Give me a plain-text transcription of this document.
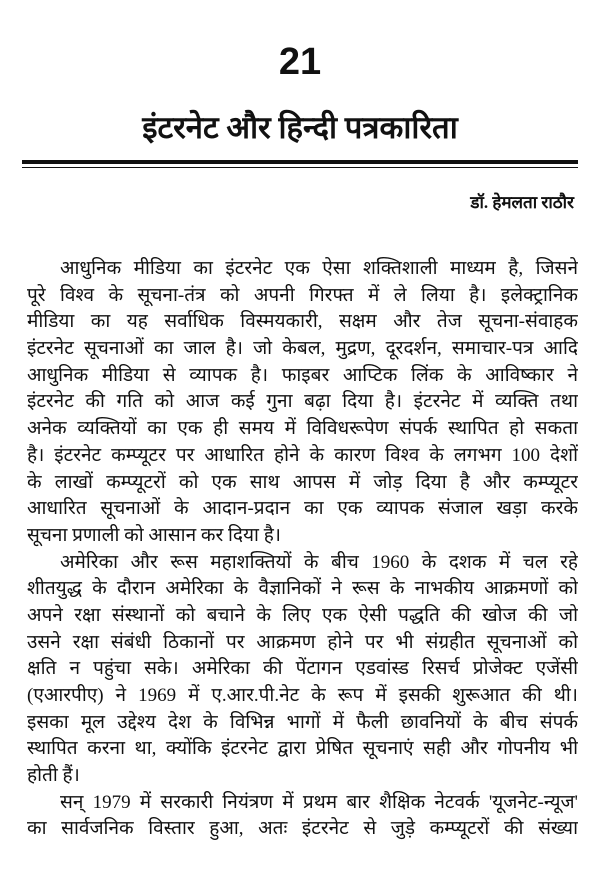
21
इंटरनेट और हिन्दी पत्रकारिता
डॉ. हेमलता राठौर
आधुनिक मीडिया का इंटरनेट एक ऐसा शक्तिशाली माध्यम है, जिसने
पूरे विश्व के सूचना-तंत्र को अपनी गिरफ्त में ले लिया है। इलेक्ट्रानिक
मीडिया का यह सर्वाधिक विस्मयकारी, सक्षम और तेज सूचना-संवाहक
इंटरनेट सूचनाओं का जाल है। जो केबल, मुद्रण, दूरदर्शन, समाचार-पत्र आदि
आधुनिक मीडिया से व्यापक है। फाइबर आप्टिक लिंक के आविष्कार ने
इंटरनेट की गति को आज कई गुना बढ़ा दिया है। इंटरनेट में व्यक्ति तथा
अनेक व्यक्तियों का एक ही समय में विविधरूपेण संपर्क स्थापित हो सकता
है। इंटरनेट कम्प्यूटर पर आधारित होने के कारण विश्व के लगभग 100 देशों
के लाखों कम्प्यूटरों को एक साथ आपस में जोड़ दिया है और कम्प्यूटर
आधारित सूचनाओं के आदान-प्रदान का एक व्यापक संजाल खड़ा करके
सूचना प्रणाली को आसान कर दिया है।
अमेरिका और रूस महाशक्तियों के बीच 1960 के दशक में चल रहे
शीतयुद्ध के दौरान अमेरिका के वैज्ञानिकों ने रूस के नाभकीय आक्रमणों को
अपने रक्षा संस्थानों को बचाने के लिए एक ऐसी पद्धति की खोज की जो
उसने रक्षा संबंधी ठिकानों पर आक्रमण होने पर भी संग्रहीत सूचनाओं को
क्षति न पहुंचा सके। अमेरिका की पेंटागन एडवांस्ड रिसर्च प्रोजेक्ट एजेंसी
(एआरपीए) ने 1969 में ए.आर.पी.नेट के रूप में इसकी शुरूआत की थी।
इसका मूल उद्देश्य देश के विभिन्न भागों में फैली छावनियों के बीच संपर्क
स्थापित करना था, क्योंकि इंटरनेट द्वारा प्रेषित सूचनाएं सही और गोपनीय भी
होती हैं।
सन् 1979 में सरकारी नियंत्रण में प्रथम बार शैक्षिक नेटवर्क 'यूजनेट-न्यूज'
का सार्वजनिक विस्तार हुआ, अतः इंटरनेट से जुड़े कम्प्यूटरों की संख्या
